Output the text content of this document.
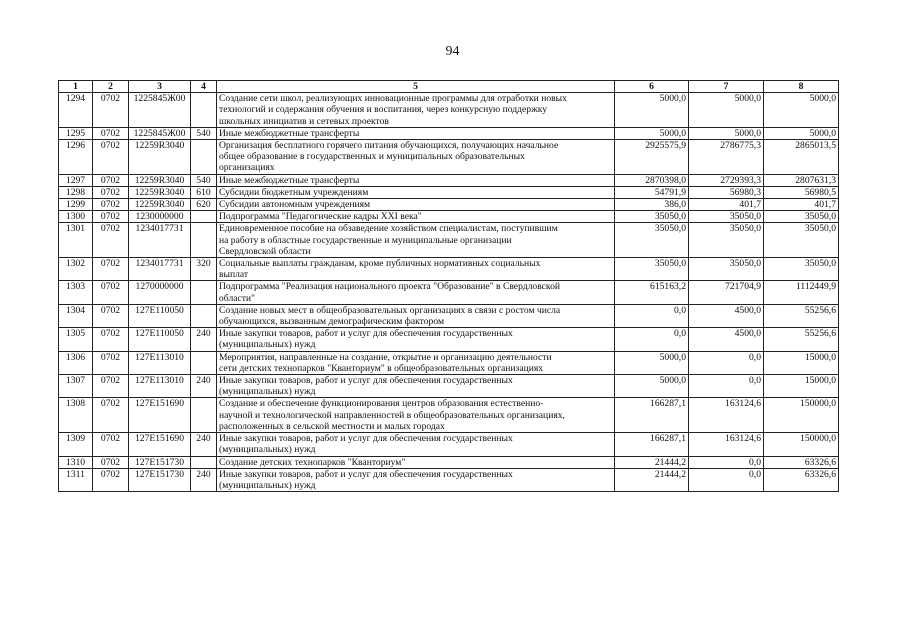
94
1	2	3	4	5	6	7	8
1294	0702	1225845Ж00		Создание сети школ, реализующих инновационные программы для отработки новых
технологий и содержания обучения и воспитания, через конкурсную поддержку
школьных инициатив и сетевых проектов	5000,0	5000,0	5000,0
1295	0702	1225845Ж00	540	Иные межбюджетные трансферты	5000,0	5000,0	5000,0
1296	0702	12259R3040		Организация бесплатного горячего питания обучающихся, получающих начальное
общее образование в государственных и муниципальных образовательных
организациях	2925575,9	2786775,3	2865013,5
1297	0702	12259R3040	540	Иные межбюджетные трансферты	2870398,0	2729393,3	2807631,3
1298	0702	12259R3040	610	Субсидии бюджетным учреждениям	54791,9	56980,3	56980,5
1299	0702	12259R3040	620	Субсидии автономным учреждениям	386,0	401,7	401,7
1300	0702	1230000000		Подпрограмма "Педагогические кадры XXI века"	35050,0	35050,0	35050,0
1301	0702	1234017731		Единовременное пособие на обзаведение хозяйством специалистам, поступившим
на работу в областные государственные и муниципальные организации
Свердловской области	35050,0	35050,0	35050,0
1302	0702	1234017731	320	Социальные выплаты гражданам, кроме публичных нормативных социальных
выплат	35050,0	35050,0	35050,0
1303	0702	1270000000		Подпрограмма "Реализация национального проекта "Образование" в Свердловской
области"	615163,2	721704,9	1112449,9
1304	0702	127E110050		Создание новых мест в общеобразовательных организациях в связи с ростом числа
обучающихся, вызванным демографическим фактором	0,0	4500,0	55256,6
1305	0702	127E110050	240	Иные закупки товаров, работ и услуг для обеспечения государственных
(муниципальных) нужд	0,0	4500,0	55256,6
1306	0702	127E113010		Мероприятия, направленные на создание, открытие и организацию деятельности
сети детских технопарков "Кванториум" в общеобразовательных организациях	5000,0	0,0	15000,0
1307	0702	127E113010	240	Иные закупки товаров, работ и услуг для обеспечения государственных
(муниципальных) нужд	5000,0	0,0	15000,0
1308	0702	127E151690		Создание и обеспечение функционирования центров образования естественно-
научной и технологической направленностей в общеобразовательных организациях,
расположенных в сельской местности и малых городах	166287,1	163124,6	150000,0
1309	0702	127E151690	240	Иные закупки товаров, работ и услуг для обеспечения государственных
(муниципальных) нужд	166287,1	163124,6	150000,0
1310	0702	127E151730		Создание детских технопарков "Кванториум"	21444,2	0,0	63326,6
1311	0702	127E151730	240	Иные закупки товаров, работ и услуг для обеспечения государственных
(муниципальных) нужд	21444,2	0,0	63326,6
